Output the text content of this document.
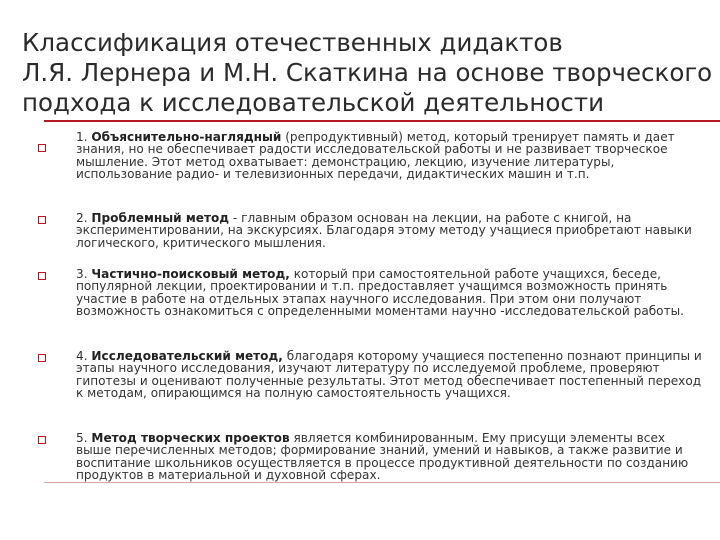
Классификация отечественных дидактов
Л.Я. Лернера и М.Н. Скаткина на основе творческого
подхода к исследовательской деятельности
1. Объяснительно-наглядный (репродуктивный) метод, который тренирует память и дает знания, но не обеспечивает радости исследовательской работы и не развивает творческое мышление. Этот метод охватывает: демонстрацию, лекцию, изучение литературы, использование радио- и телевизионных передачи, дидактических машин и т.п.
2. Проблемный метод - главным образом основан на лекции, на работе с книгой, на экспериментировании, на экскурсиях. Благодаря этому методу учащиеся приобретают навыки логического, критического мышления.
3. Частично-поисковый метод, который при самостоятельной работе учащихся, беседе, популярной лекции, проектировании и т.п. предоставляет учащимся возможность принять участие в работе на отдельных этапах научного исследования. При этом они получают возможность ознакомиться с определенными моментами научно -исследовательской работы.
4. Исследовательский метод, благодаря которому учащиеся постепенно познают принципы и этапы научного исследования, изучают литературу по исследуемой проблеме, проверяют гипотезы и оценивают полученные результаты. Этот метод обеспечивает постепенный переход к методам, опирающимся на полную самостоятельность учащихся.
5. Метод творческих проектов является комбинированным. Ему присущи элементы всех выше перечисленных методов; формирование знаний, умений и навыков, а также развитие и воспитание школьников осуществляется в процессе продуктивной деятельности по созданию продуктов в материальной и духовной сферах.
